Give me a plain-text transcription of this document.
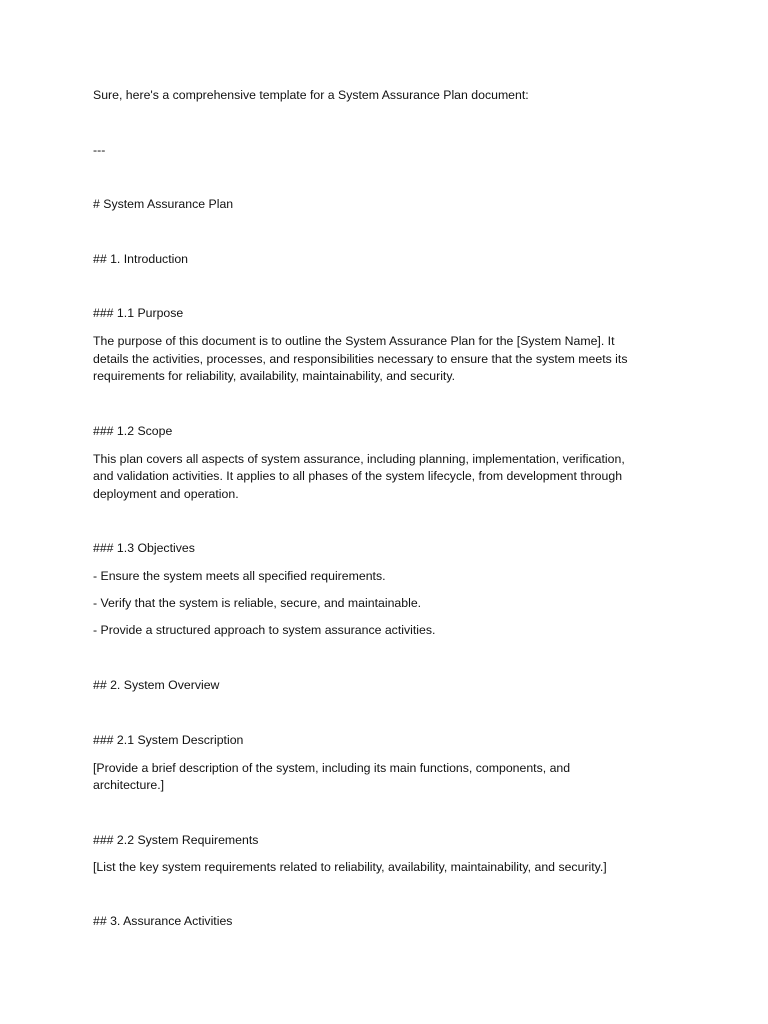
Sure, here's a comprehensive template for a System Assurance Plan document:
---
# System Assurance Plan
## 1. Introduction
### 1.1 Purpose
The purpose of this document is to outline the System Assurance Plan for the [System Name]. It
details the activities, processes, and responsibilities necessary to ensure that the system meets its
requirements for reliability, availability, maintainability, and security.
### 1.2 Scope
This plan covers all aspects of system assurance, including planning, implementation, verification,
and validation activities. It applies to all phases of the system lifecycle, from development through
deployment and operation.
### 1.3 Objectives
- Ensure the system meets all specified requirements.
- Verify that the system is reliable, secure, and maintainable.
- Provide a structured approach to system assurance activities.
## 2. System Overview
### 2.1 System Description
[Provide a brief description of the system, including its main functions, components, and
architecture.]
### 2.2 System Requirements
[List the key system requirements related to reliability, availability, maintainability, and security.]
## 3. Assurance Activities
